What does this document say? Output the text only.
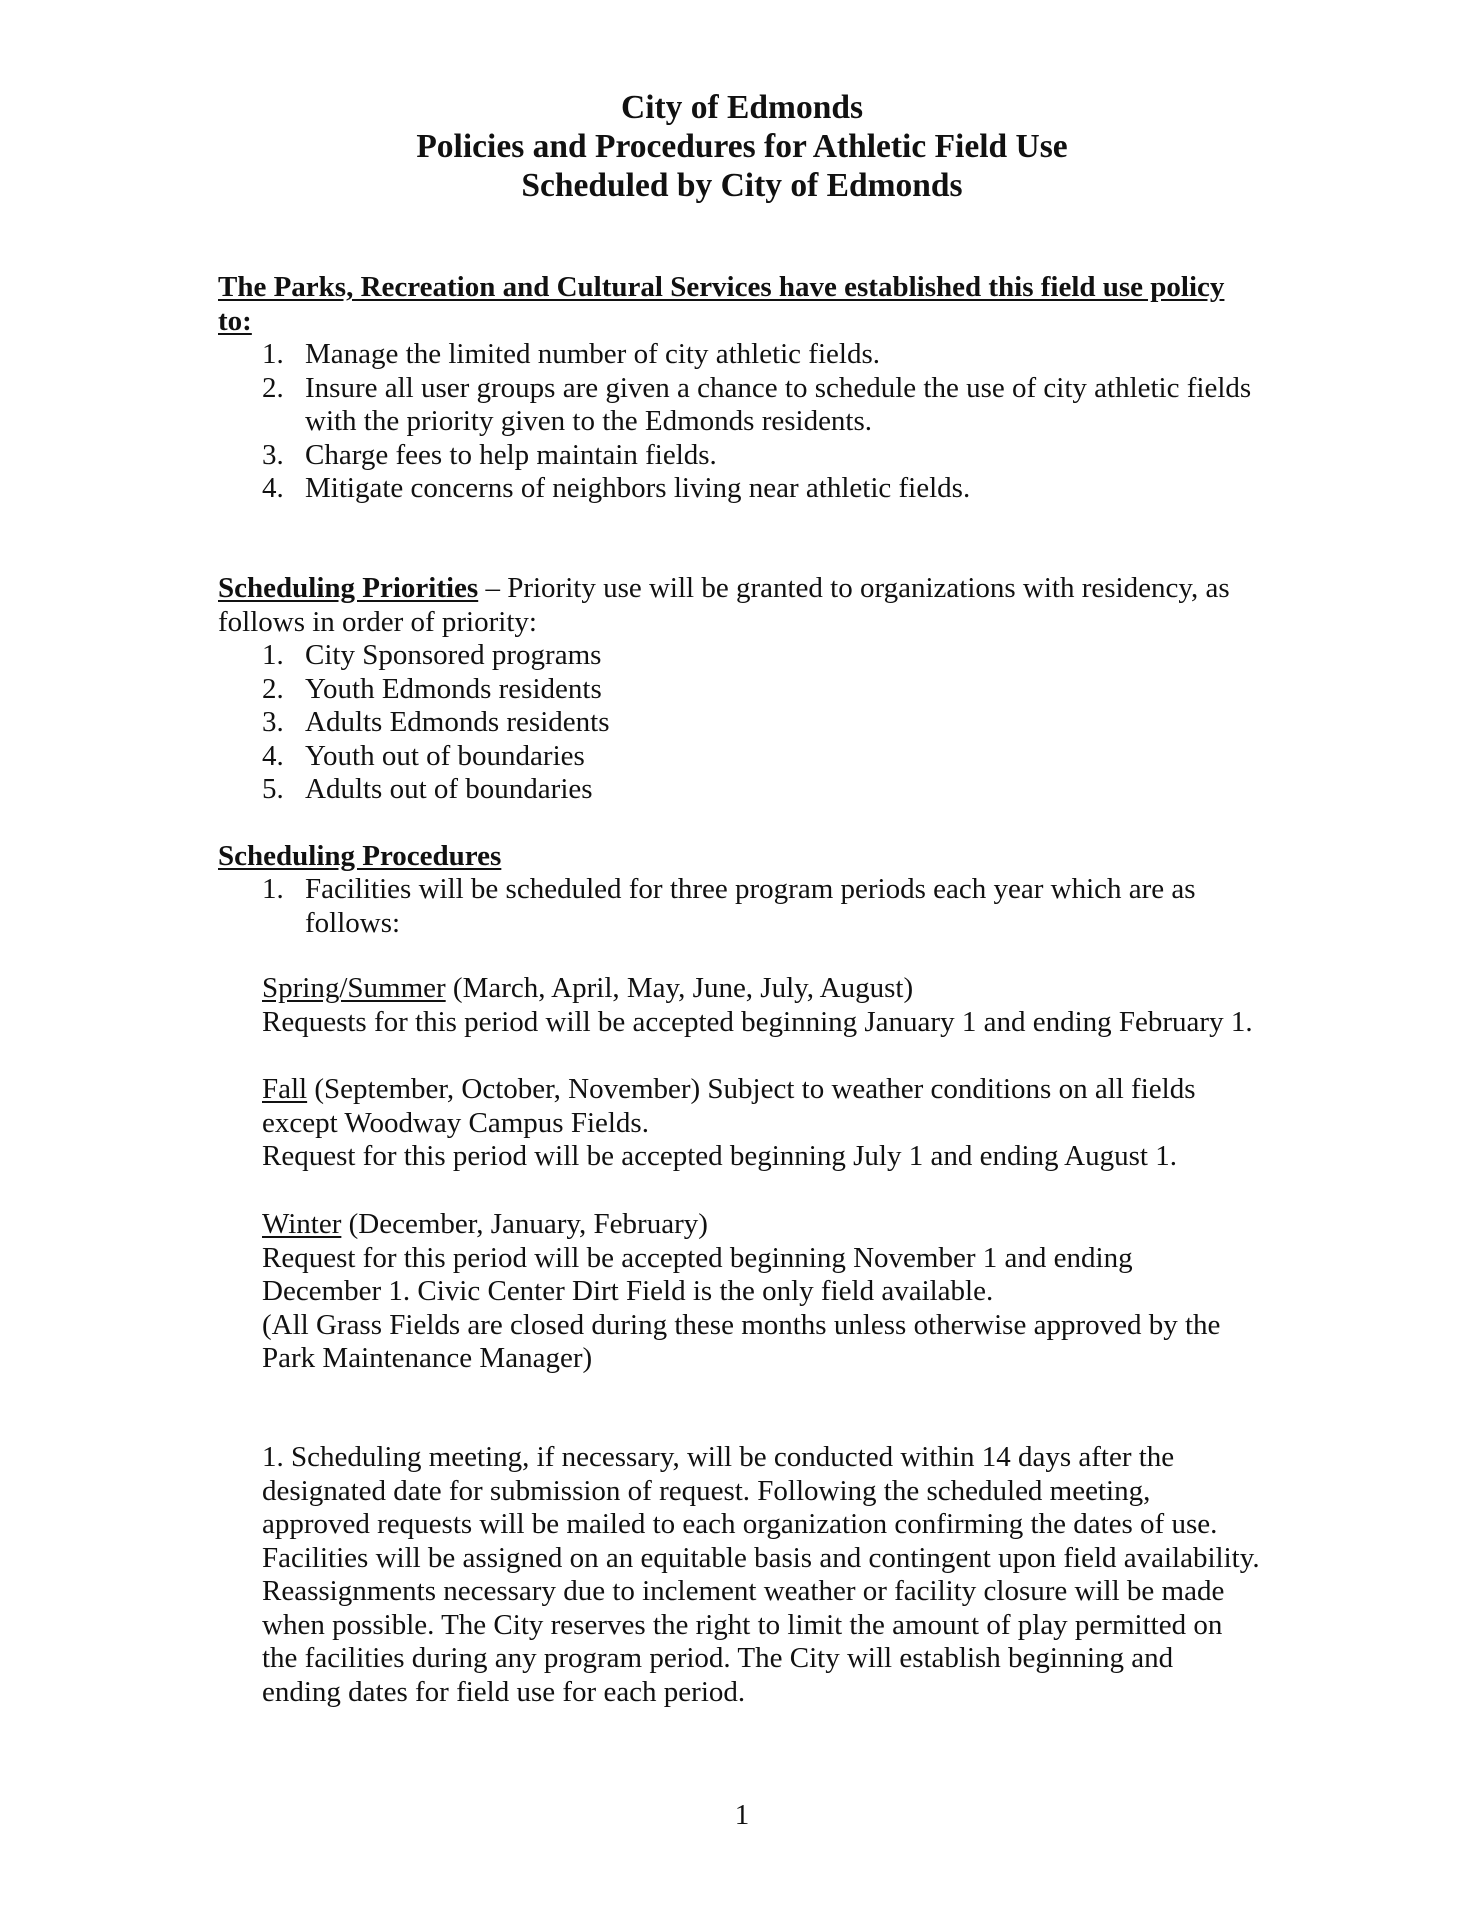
City of Edmonds
Policies and Procedures for Athletic Field Use
Scheduled by City of Edmonds
The Parks, Recreation and Cultural Services have established this field use policy
to:
1. Manage the limited number of city athletic fields.
2. Insure all user groups are given a chance to schedule the use of city athletic fields
with the priority given to the Edmonds residents.
3. Charge fees to help maintain fields.
4. Mitigate concerns of neighbors living near athletic fields.
Scheduling Priorities – Priority use will be granted to organizations with residency, as
follows in order of priority:
1. City Sponsored programs
2. Youth Edmonds residents
3. Adults Edmonds residents
4. Youth out of boundaries
5. Adults out of boundaries
Scheduling Procedures
1. Facilities will be scheduled for three program periods each year which are as
follows:
Spring/Summer (March, April, May, June, July, August)
Requests for this period will be accepted beginning January 1 and ending February 1.
Fall (September, October, November) Subject to weather conditions on all fields
except Woodway Campus Fields.
Request for this period will be accepted beginning July 1 and ending August 1.
Winter (December, January, February)
Request for this period will be accepted beginning November 1 and ending
December 1. Civic Center Dirt Field is the only field available.
(All Grass Fields are closed during these months unless otherwise approved by the
Park Maintenance Manager)
1. Scheduling meeting, if necessary, will be conducted within 14 days after the
designated date for submission of request. Following the scheduled meeting,
approved requests will be mailed to each organization confirming the dates of use.
Facilities will be assigned on an equitable basis and contingent upon field availability.
Reassignments necessary due to inclement weather or facility closure will be made
when possible. The City reserves the right to limit the amount of play permitted on
the facilities during any program period. The City will establish beginning and
ending dates for field use for each period.
1
